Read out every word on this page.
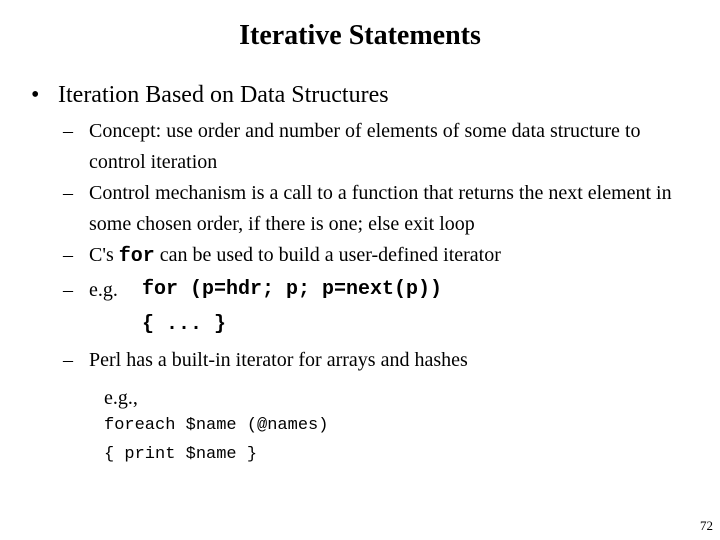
Iterative Statements
• Iteration Based on Data Structures
– Concept: use order and number of elements of some data structure to control iteration
– Control mechanism is a call to a function that returns the next element in some chosen order, if there is one; else exit loop
– C's for can be used to build a user-defined iterator
– e.g. for (p=hdr; p; p=next(p))
{ ... }
– Perl has a built-in iterator for arrays and hashes
e.g.,
foreach $name (@names)
{ print $name }
72
